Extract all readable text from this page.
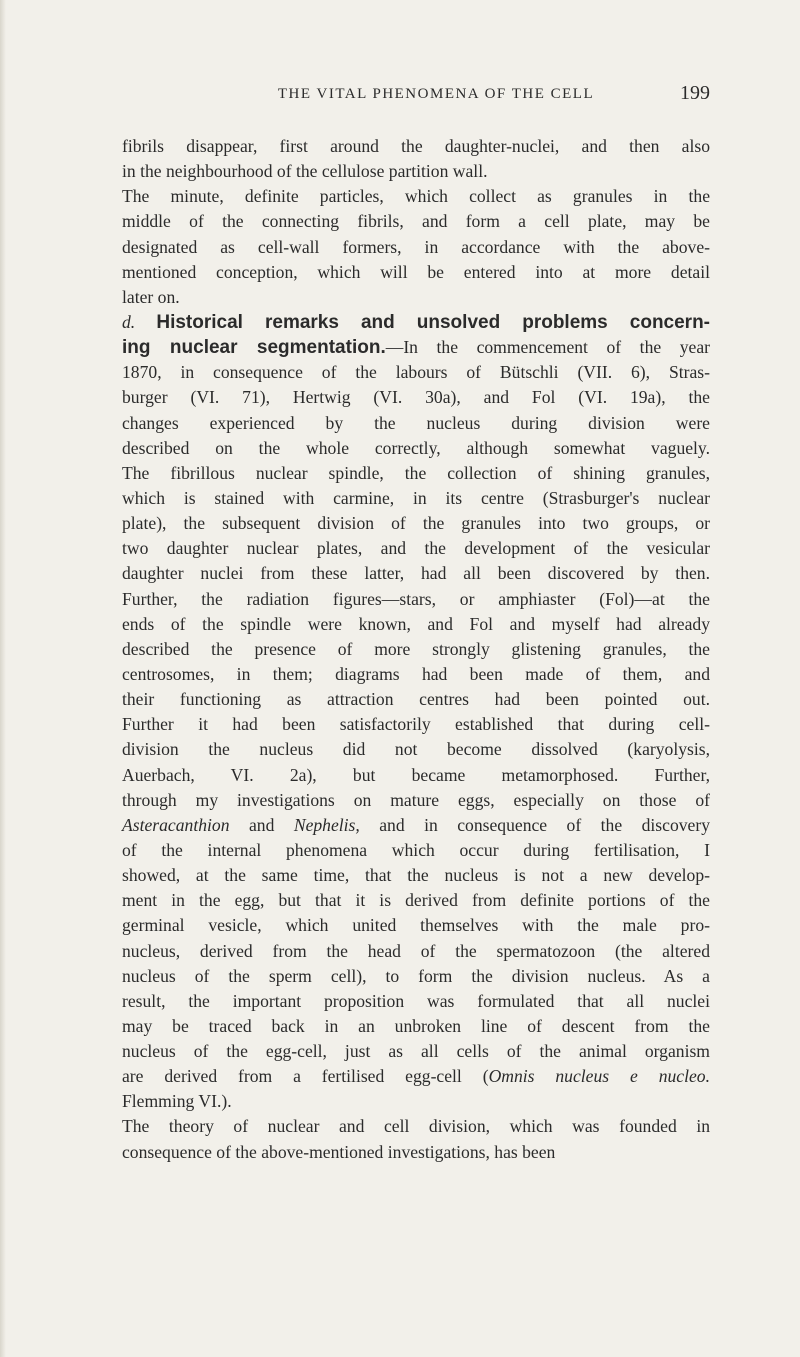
THE VITAL PHENOMENA OF THE CELL	199
fibrils disappear, first around the daughter-nuclei, and then also
in the neighbourhood of the cellulose partition wall.
The minute, definite particles, which collect as granules in the
middle of the connecting fibrils, and form a cell plate, may be
designated as cell-wall formers, in accordance with the above-
mentioned conception, which will be entered into at more detail
later on.
d. Historical remarks and unsolved problems concern-
ing nuclear segmentation.—In the commencement of the year
1870, in consequence of the labours of Bütschli (VII. 6), Stras-
burger (VI. 71), Hertwig (VI. 30a), and Fol (VI. 19a), the
changes experienced by the nucleus during division were
described on the whole correctly, although somewhat vaguely.
The fibrillous nuclear spindle, the collection of shining granules,
which is stained with carmine, in its centre (Strasburger's nuclear
plate), the subsequent division of the granules into two groups, or
two daughter nuclear plates, and the development of the vesicular
daughter nuclei from these latter, had all been discovered by then.
Further, the radiation figures—stars, or amphiaster (Fol)—at the
ends of the spindle were known, and Fol and myself had already
described the presence of more strongly glistening granules, the
centrosomes, in them; diagrams had been made of them, and
their functioning as attraction centres had been pointed out.
Further it had been satisfactorily established that during cell-
division the nucleus did not become dissolved (karyolysis,
Auerbach, VI. 2a), but became metamorphosed. Further,
through my investigations on mature eggs, especially on those of
Asteracanthion and Nephelis, and in consequence of the discovery
of the internal phenomena which occur during fertilisation, I
showed, at the same time, that the nucleus is not a new develop-
ment in the egg, but that it is derived from definite portions of the
germinal vesicle, which united themselves with the male pro-
nucleus, derived from the head of the spermatozoon (the altered
nucleus of the sperm cell), to form the division nucleus. As a
result, the important proposition was formulated that all nuclei
may be traced back in an unbroken line of descent from the
nucleus of the egg-cell, just as all cells of the animal organism
are derived from a fertilised egg-cell (Omnis nucleus e nucleo.
Flemming VI.).
The theory of nuclear and cell division, which was founded in
consequence of the above-mentioned investigations, has been
